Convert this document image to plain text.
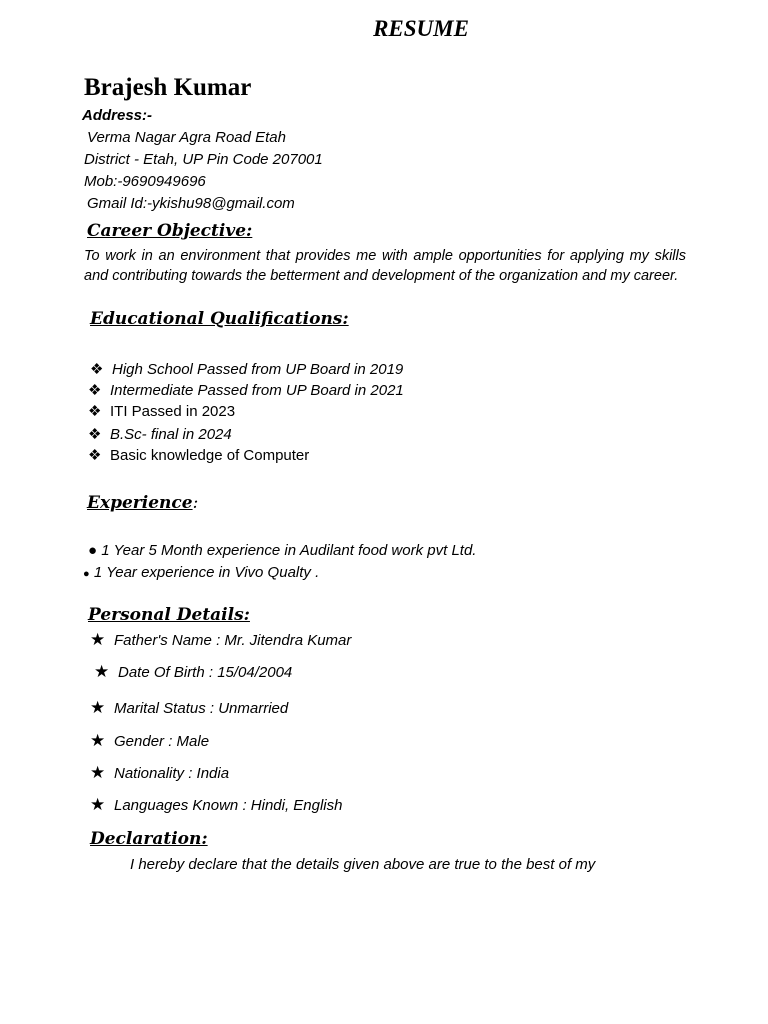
RESUME
Brajesh Kumar
Address:-
Verma Nagar Agra Road Etah
District - Etah, UP Pin Code 207001
Mob:-9690949696
Gmail Id:-ykishu98@gmail.com
Career Objective:
To work in an environment that provides me with ample opportunities for applying my skills and contributing towards the betterment and development of the organization and my career.
Educational Qualifications:
❖ High School Passed from UP Board in 2019
❖ Intermediate Passed from UP Board in 2021
❖ ITI Passed in 2023
❖ B.Sc- final in 2024
❖ Basic knowledge of Computer
Experience:
● 1 Year 5 Month experience in Audilant food work pvt Ltd.
● 1 Year experience in Vivo Qualty .
Personal Details:
★ Father's Name : Mr. Jitendra Kumar
★ Date Of Birth : 15/04/2004
★ Marital Status : Unmarried
★ Gender : Male
★ Nationality : India
★ Languages Known : Hindi, English
Declaration:
I hereby declare that the details given above are true to the best of my
